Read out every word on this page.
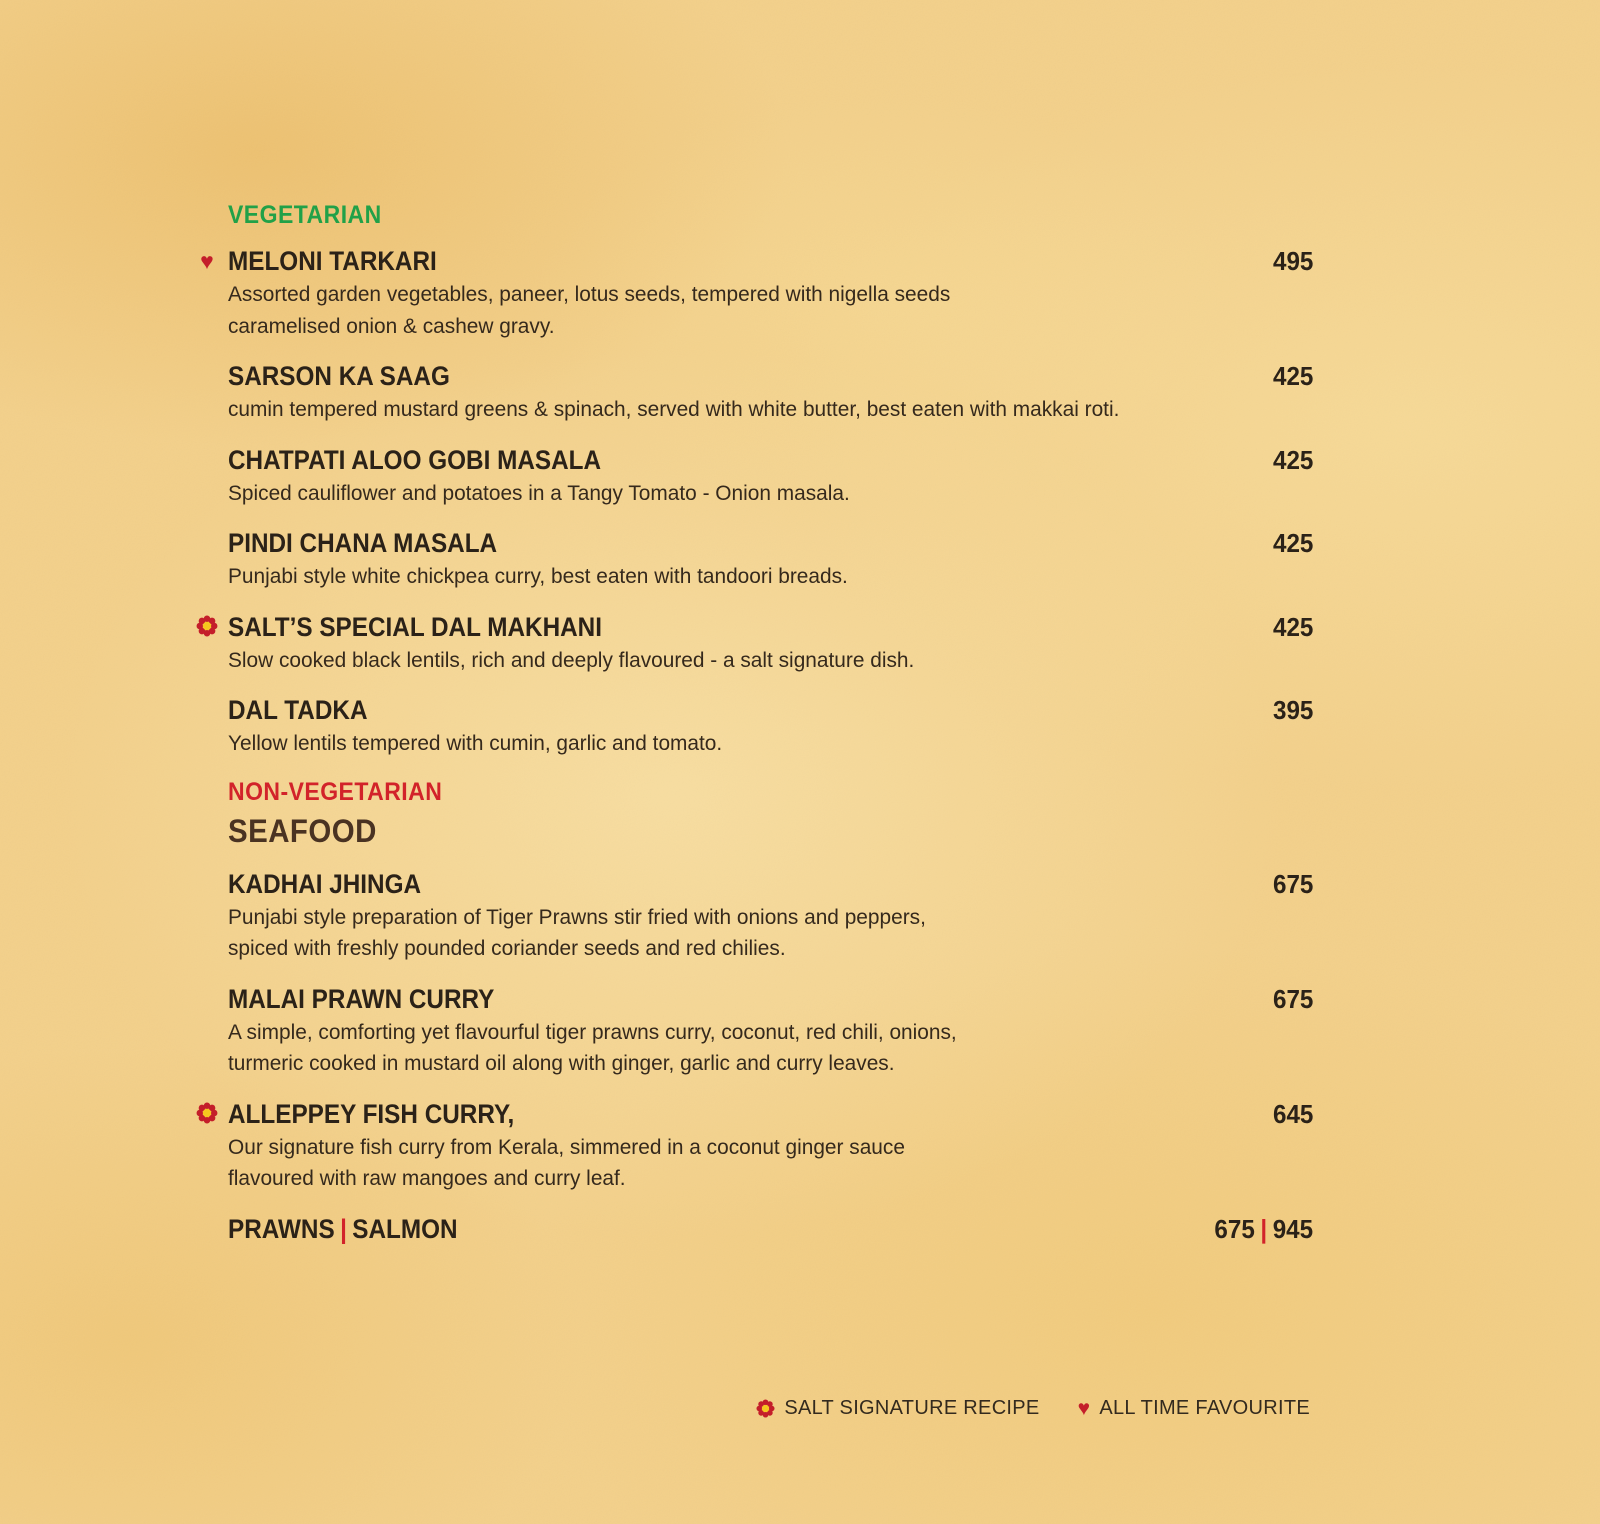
VEGETARIAN
♥ MELONI TARKARI	495
Assorted garden vegetables, paneer, lotus seeds, tempered with nigella seeds
caramelised onion & cashew gravy.
SARSON KA SAAG	425
cumin tempered mustard greens & spinach, served with white butter, best eaten with makkai roti.
CHATPATI ALOO GOBI MASALA	425
Spiced cauliflower and potatoes in a Tangy Tomato - Onion masala.
PINDI CHANA MASALA	425
Punjabi style white chickpea curry, best eaten with tandoori breads.
SALT’S SPECIAL DAL MAKHANI	425
Slow cooked black lentils, rich and deeply flavoured - a salt signature dish.
DAL TADKA	395
Yellow lentils tempered with cumin, garlic and tomato.
NON-VEGETARIAN
SEAFOOD
KADHAI JHINGA	675
Punjabi style preparation of Tiger Prawns stir fried with onions and peppers,
spiced with freshly pounded coriander seeds and red chilies.
MALAI PRAWN CURRY	675
A simple, comforting yet flavourful tiger prawns curry, coconut, red chili, onions,
turmeric cooked in mustard oil along with ginger, garlic and curry leaves.
ALLEPPEY FISH CURRY,	645
Our signature fish curry from Kerala, simmered in a coconut ginger sauce
flavoured with raw mangoes and curry leaf.
PRAWNS | SALMON	675 | 945
SALT SIGNATURE RECIPE ♥ ALL TIME FAVOURITE
